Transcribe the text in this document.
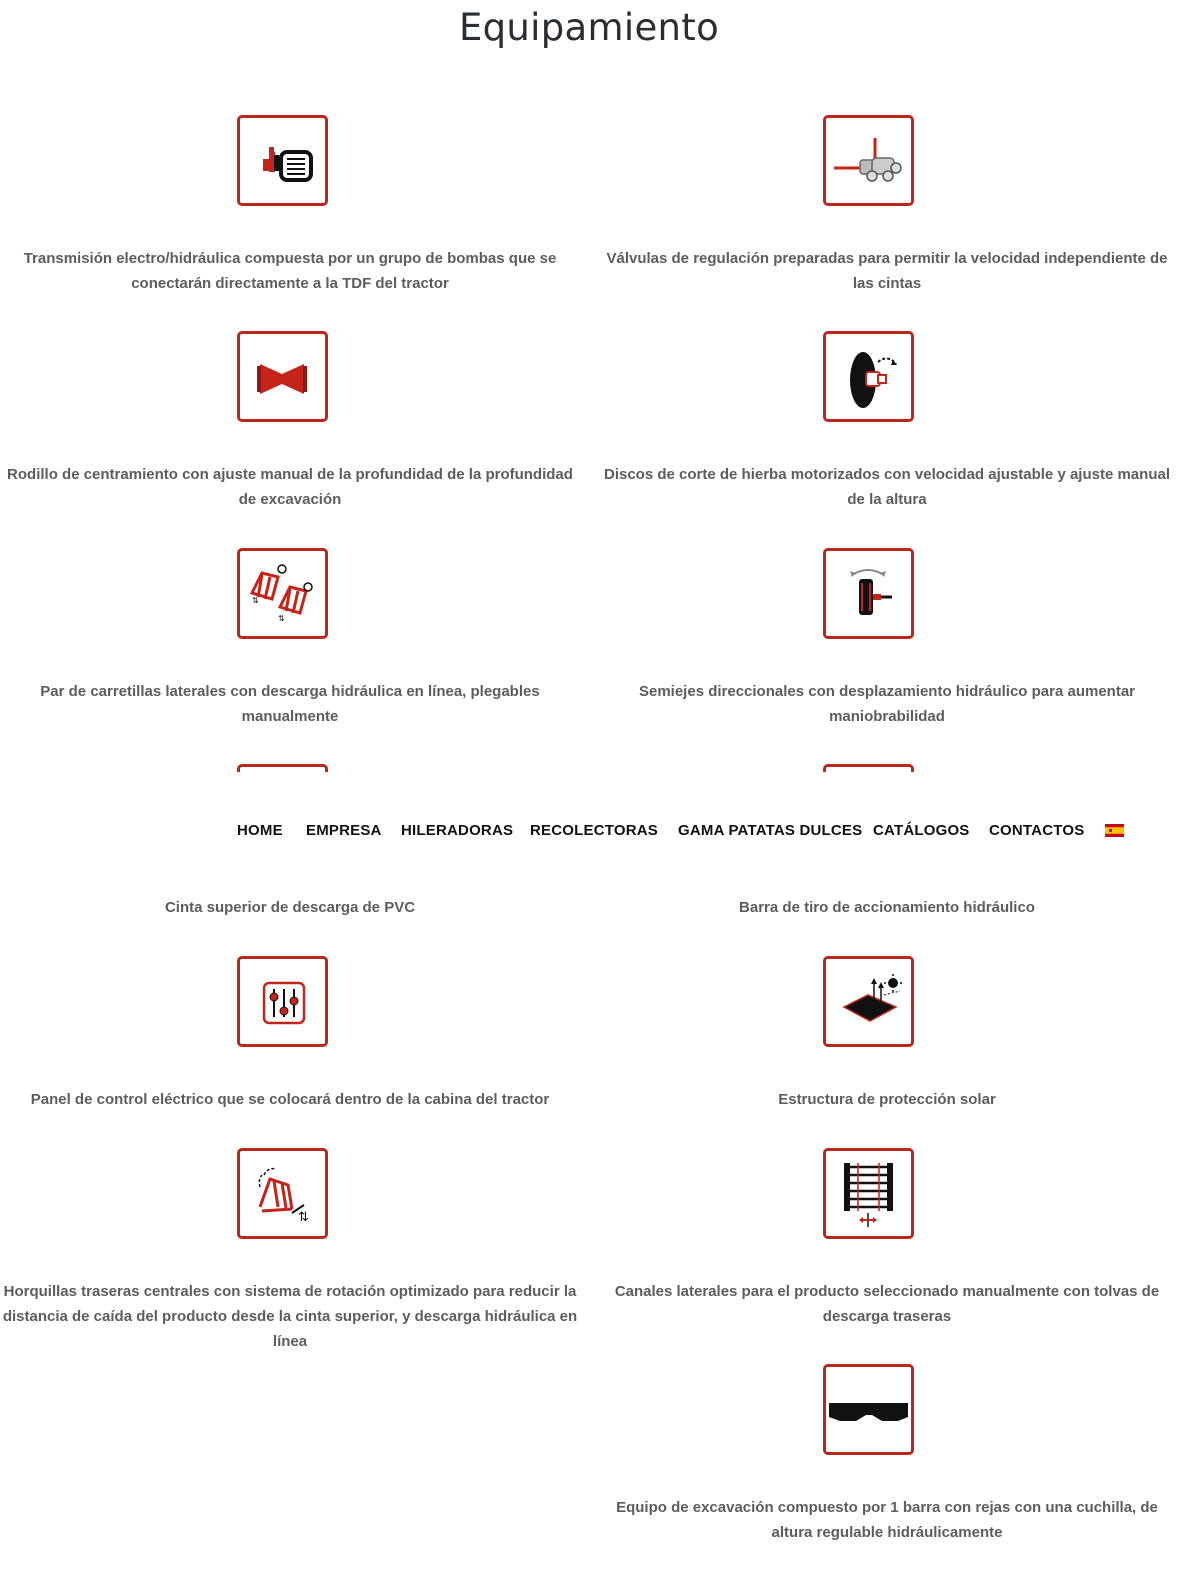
Equipamiento
Transmisión electro/hidráulica compuesta por un grupo de bombas que se conectarán directamente a la TDF del tractor
Válvulas de regulación preparadas para permitir la velocidad independiente de las cintas
Rodillo de centramiento con ajuste manual de la profundidad de la profundidad de excavación
Discos de corte de hierba motorizados con velocidad ajustable y ajuste manual de la altura
⇅
⇅
Par de carretillas laterales con descarga hidráulica en línea, plegables manualmente
Semiejes direccionales con desplazamiento hidráulico para aumentar maniobrabilidad
HOME EMPRESA HILERADORAS RECOLECTORAS GAMA PATATAS DULCES CATÁLOGOS CONTACTOS
Cinta superior de descarga de PVC	Barra de tiro de accionamiento hidráulico
Panel de control eléctrico que se colocará dentro de la cabina del tractor	Estructura de protección solar
⇅
Horquillas traseras centrales con sistema de rotación optimizado para reducir la distancia de caída del producto desde la cinta superior, y descarga hidráulica en línea
Canales laterales para el producto seleccionado manualmente con tolvas de descarga traseras
Equipo de excavación compuesto por 1 barra con rejas con una cuchilla, de altura regulable hidráulicamente
